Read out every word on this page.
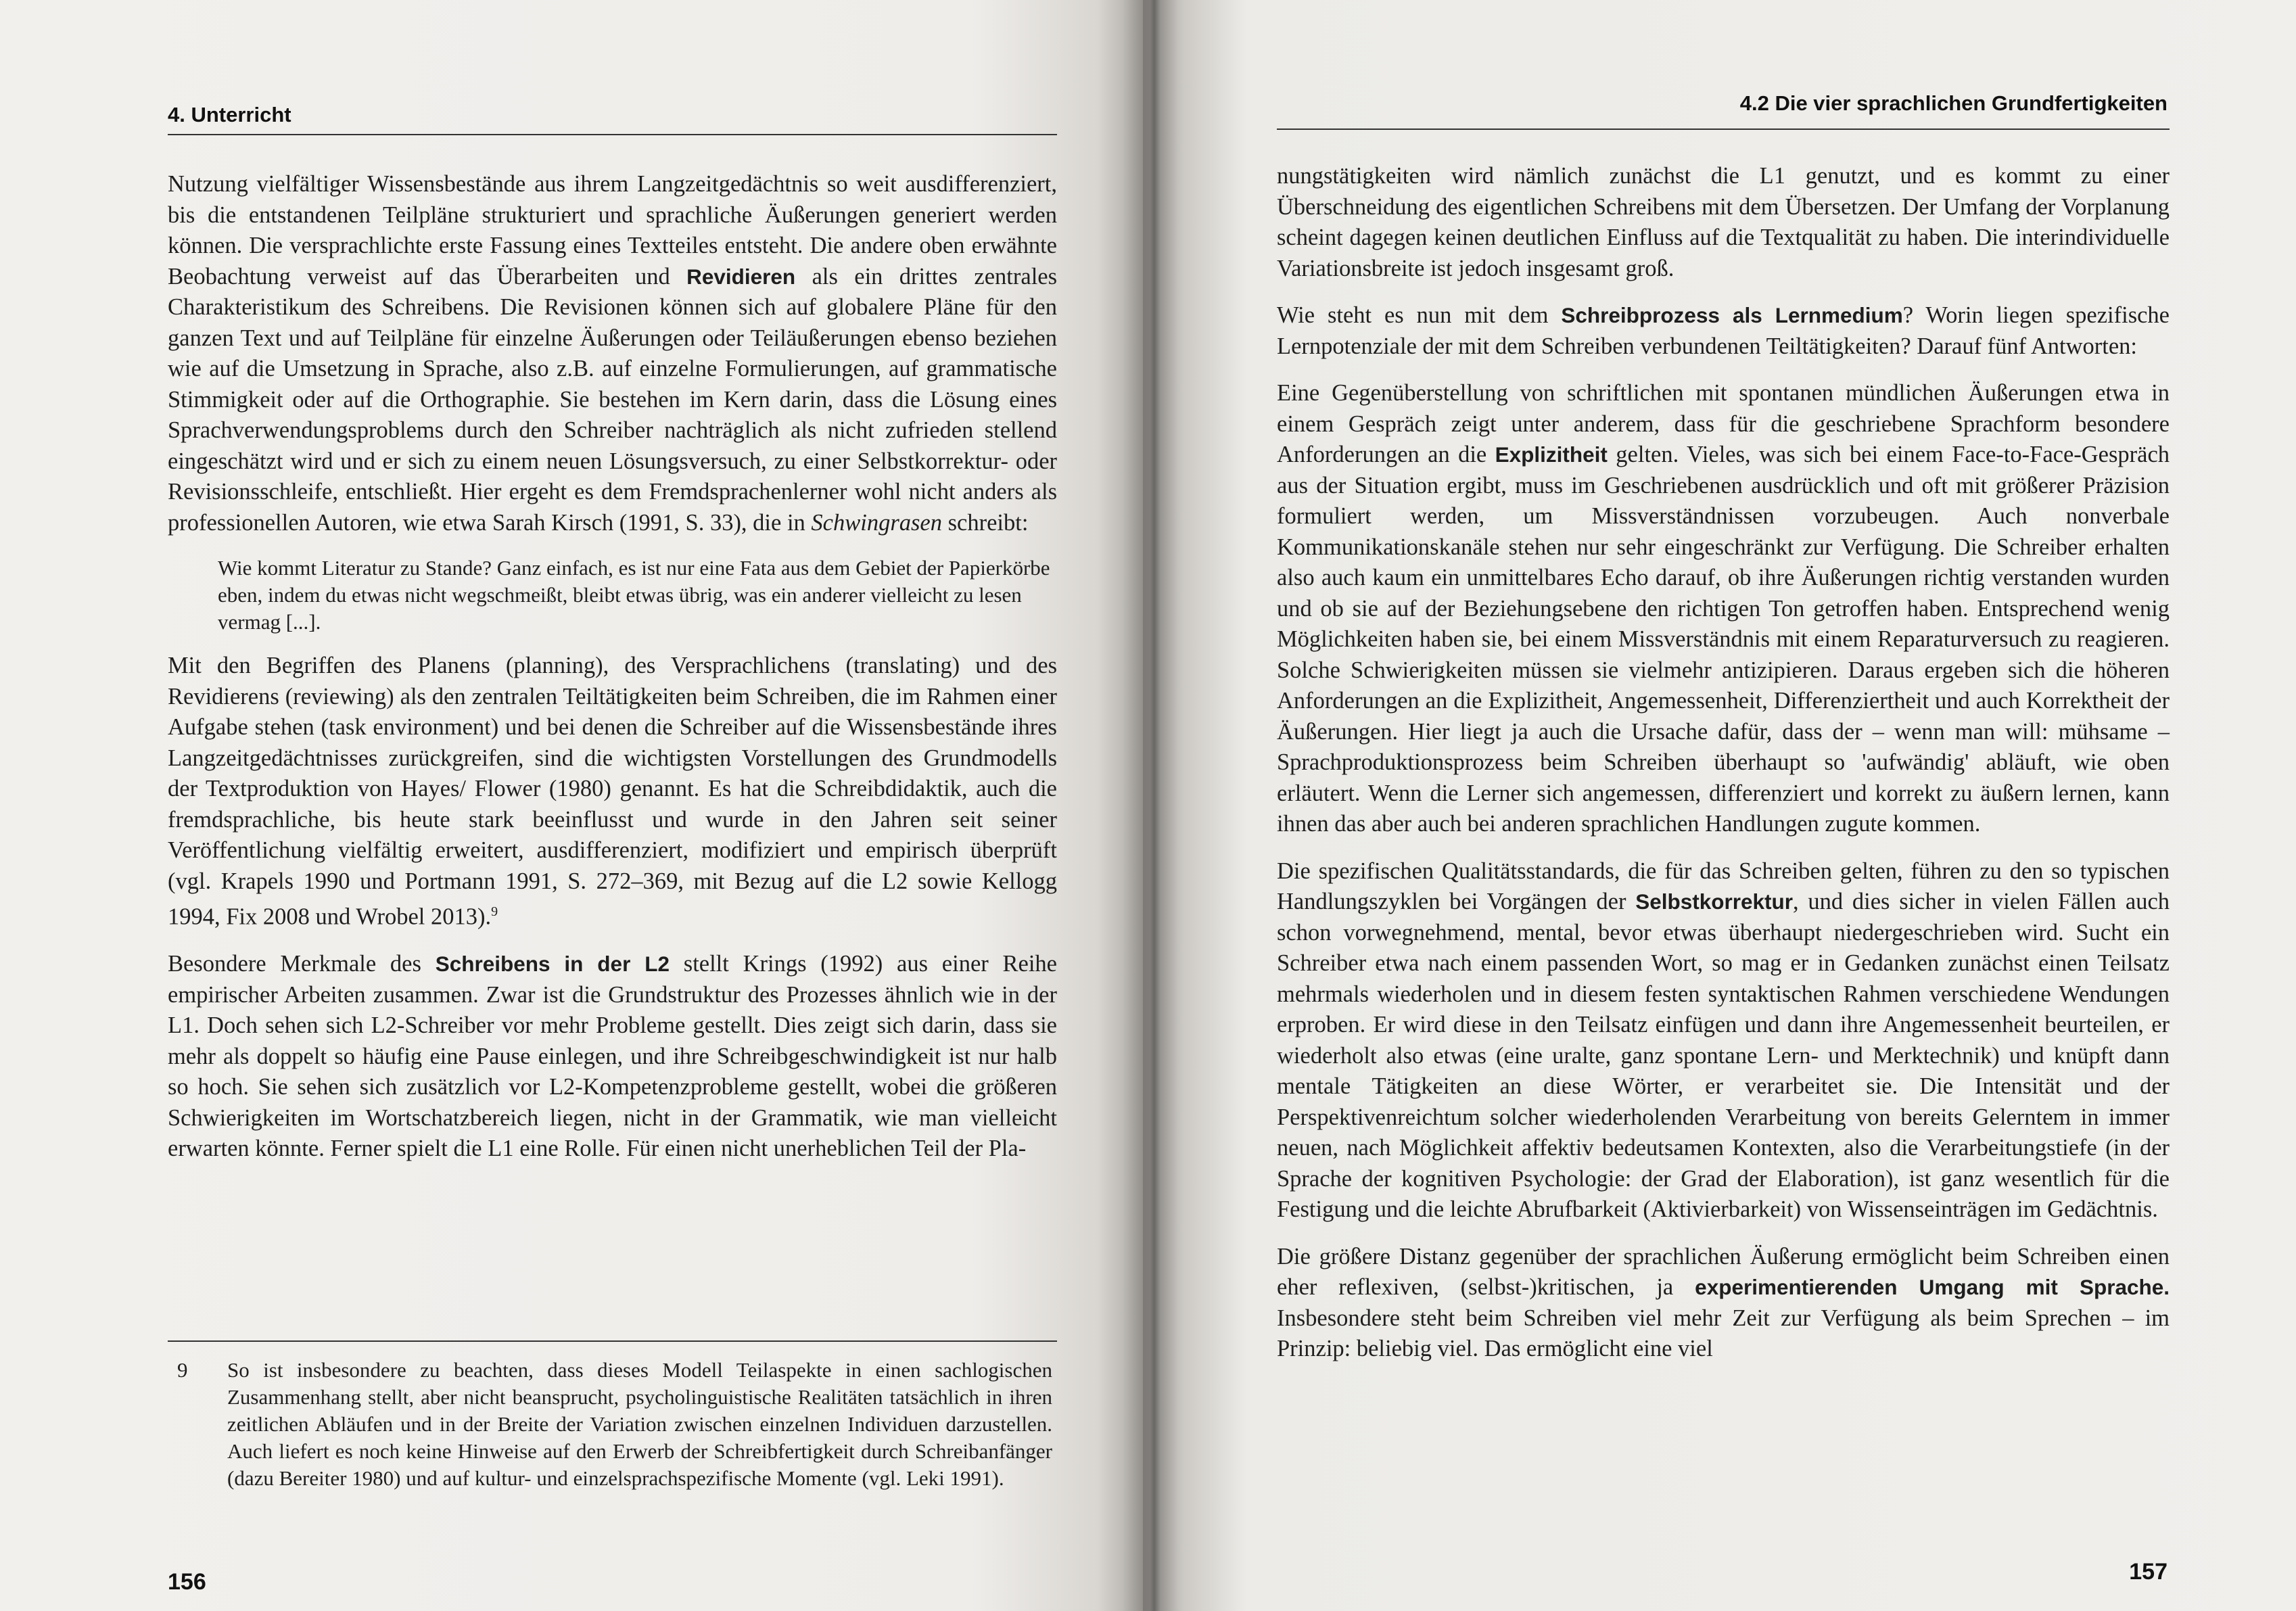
4. Unterricht

Nutzung vielfältiger Wissensbestände aus ihrem Langzeitgedächtnis so weit ausdifferenziert, bis die entstandenen Teilpläne strukturiert und sprachliche Äußerungen generiert werden können. Die versprachlichte erste Fassung eines Textteiles entsteht. Die andere oben erwähnte Beobachtung verweist auf das Überarbeiten und Revidieren als ein drittes zentrales Charakteristikum des Schreibens. Die Revisionen können sich auf globalere Pläne für den ganzen Text und auf Teilpläne für einzelne Äußerungen oder Teiläußerungen ebenso beziehen wie auf die Umsetzung in Sprache, also z.B. auf einzelne Formulierungen, auf grammatische Stimmigkeit oder auf die Orthographie. Sie bestehen im Kern darin, dass die Lösung eines Sprachverwendungsproblems durch den Schreiber nachträglich als nicht zufrieden stellend eingeschätzt wird und er sich zu einem neuen Lösungsversuch, zu einer Selbstkorrektur- oder Revisionsschleife, entschließt. Hier ergeht es dem Fremdsprachenlerner wohl nicht anders als professionellen Autoren, wie etwa Sarah Kirsch (1991, S. 33), die in Schwingrasen schreibt:

Wie kommt Literatur zu Stande? Ganz einfach, es ist nur eine Fata aus dem Gebiet der Papierkörbe eben, indem du etwas nicht wegschmeißt, bleibt etwas übrig, was ein anderer vielleicht zu lesen vermag [...].

Mit den Begriffen des Planens (planning), des Versprachlichens (translating) und des Revidierens (reviewing) als den zentralen Teiltätigkeiten beim Schreiben, die im Rahmen einer Aufgabe stehen (task environment) und bei denen die Schreiber auf die Wissensbestände ihres Langzeitgedächtnisses zurückgreifen, sind die wichtigsten Vorstellungen des Grundmodells der Textproduktion von Hayes/ Flower (1980) genannt. Es hat die Schreibdidaktik, auch die fremdsprachliche, bis heute stark beeinflusst und wurde in den Jahren seit seiner Veröffentlichung vielfältig erweitert, ausdifferenziert, modifiziert und empirisch überprüft (vgl. Krapels 1990 und Portmann 1991, S. 272–369, mit Bezug auf die L2 sowie Kellogg 1994, Fix 2008 und Wrobel 2013).$^9$

Besondere Merkmale des Schreibens in der L2 stellt Krings (1992) aus einer Reihe empirischer Arbeiten zusammen. Zwar ist die Grundstruktur des Prozesses ähnlich wie in der L1. Doch sehen sich L2-Schreiber vor mehr Probleme gestellt. Dies zeigt sich darin, dass sie mehr als doppelt so häufig eine Pause einlegen, und ihre Schreibgeschwindigkeit ist nur halb so hoch. Sie sehen sich zusätzlich vor L2-Kompetenzprobleme gestellt, wobei die größeren Schwierigkeiten im Wortschatzbereich liegen, nicht in der Grammatik, wie man vielleicht erwarten könnte. Ferner spielt die L1 eine Rolle. Für einen nicht unerheblichen Teil der Pla-

9 So ist insbesondere zu beachten, dass dieses Modell Teilaspekte in einen sachlogischen Zusammenhang stellt, aber nicht beansprucht, psycholinguistische Realitäten tatsächlich in ihren zeitlichen Abläufen und in der Breite der Variation zwischen einzelnen Individuen darzustellen. Auch liefert es noch keine Hinweise auf den Erwerb der Schreibfertigkeit durch Schreibanfänger (dazu Bereiter 1980) und auf kultur- und einzelsprachspezifische Momente (vgl. Leki 1991).
156
4.2 Die vier sprachlichen Grundfertigkeiten

nungstätigkeiten wird nämlich zunächst die L1 genutzt, und es kommt zu einer Überschneidung des eigentlichen Schreibens mit dem Übersetzen. Der Umfang der Vorplanung scheint dagegen keinen deutlichen Einfluss auf die Textqualität zu haben. Die interindividuelle Variationsbreite ist jedoch insgesamt groß.

Wie steht es nun mit dem Schreibprozess als Lernmedium? Worin liegen spezifische Lernpotenziale der mit dem Schreiben verbundenen Teiltätigkeiten? Darauf fünf Antworten:

Eine Gegenüberstellung von schriftlichen mit spontanen mündlichen Äußerungen etwa in einem Gespräch zeigt unter anderem, dass für die geschriebene Sprachform besondere Anforderungen an die Explizitheit gelten. Vieles, was sich bei einem Face-to-Face-Gespräch aus der Situation ergibt, muss im Geschriebenen ausdrücklich und oft mit größerer Präzision formuliert werden, um Missverständnissen vorzubeugen. Auch nonverbale Kommunikationskanäle stehen nur sehr eingeschränkt zur Verfügung. Die Schreiber erhalten also auch kaum ein unmittelbares Echo darauf, ob ihre Äußerungen richtig verstanden wurden und ob sie auf der Beziehungsebene den richtigen Ton getroffen haben. Entsprechend wenig Möglichkeiten haben sie, bei einem Missverständnis mit einem Reparaturversuch zu reagieren. Solche Schwierigkeiten müssen sie vielmehr antizipieren. Daraus ergeben sich die höheren Anforderungen an die Explizitheit, Angemessenheit, Differenziertheit und auch Korrektheit der Äußerungen. Hier liegt ja auch die Ursache dafür, dass der – wenn man will: mühsame – Sprachproduktionsprozess beim Schreiben überhaupt so 'aufwändig' abläuft, wie oben erläutert. Wenn die Lerner sich angemessen, differenziert und korrekt zu äußern lernen, kann ihnen das aber auch bei anderen sprachlichen Handlungen zugute kommen.

Die spezifischen Qualitätsstandards, die für das Schreiben gelten, führen zu den so typischen Handlungszyklen bei Vorgängen der Selbstkorrektur, und dies sicher in vielen Fällen auch schon vorwegnehmend, mental, bevor etwas überhaupt niedergeschrieben wird. Sucht ein Schreiber etwa nach einem passenden Wort, so mag er in Gedanken zunächst einen Teilsatz mehrmals wiederholen und in diesem festen syntaktischen Rahmen verschiedene Wendungen erproben. Er wird diese in den Teilsatz einfügen und dann ihre Angemessenheit beurteilen, er wiederholt also etwas (eine uralte, ganz spontane Lern- und Merktechnik) und knüpft dann mentale Tätigkeiten an diese Wörter, er verarbeitet sie. Die Intensität und der Perspektivenreichtum solcher wiederholenden Verarbeitung von bereits Gelerntem in immer neuen, nach Möglichkeit affektiv bedeutsamen Kontexten, also die Verarbeitungstiefe (in der Sprache der kognitiven Psychologie: der Grad der Elaboration), ist ganz wesentlich für die Festigung und die leichte Abrufbarkeit (Aktivierbarkeit) von Wissenseinträgen im Gedächtnis.

Die größere Distanz gegenüber der sprachlichen Äußerung ermöglicht beim Schreiben einen eher reflexiven, (selbst-)kritischen, ja experimentierenden Umgang mit Sprache. Insbesondere steht beim Schreiben viel mehr Zeit zur Verfügung als beim Sprechen – im Prinzip: beliebig viel. Das ermöglicht eine viel

157
